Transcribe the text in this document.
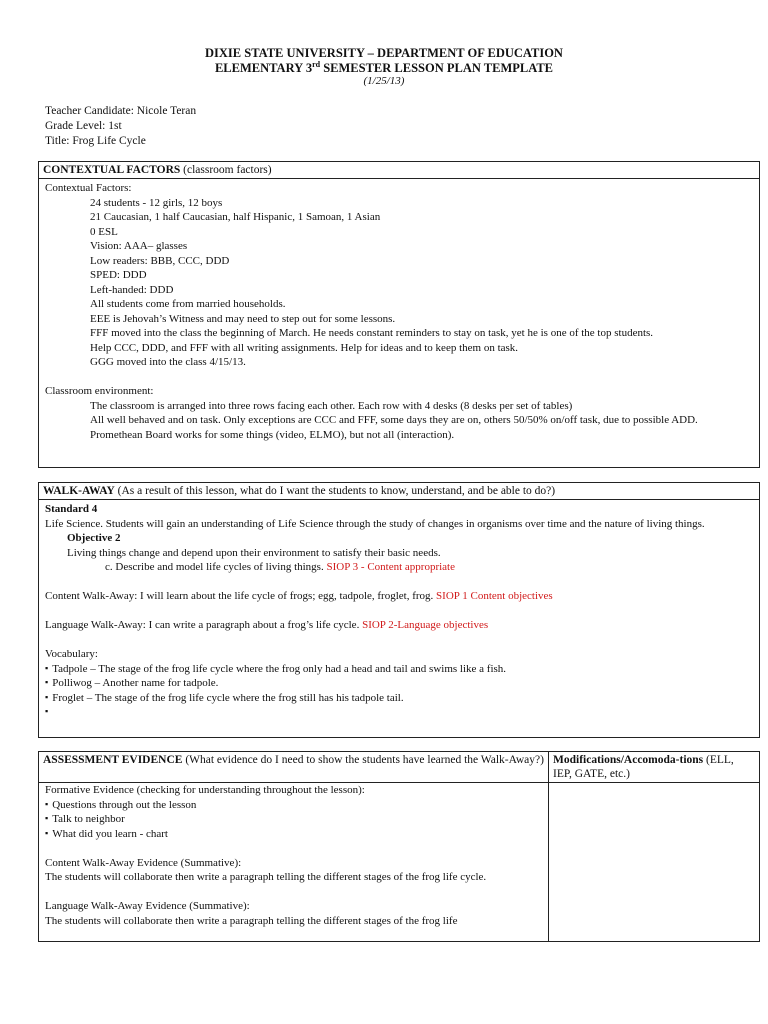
DIXIE STATE UNIVERSITY – DEPARTMENT OF EDUCATION
ELEMENTARY 3rd SEMESTER LESSON PLAN TEMPLATE
(1/25/13)
Teacher Candidate: Nicole Teran
Grade Level: 1st
Title: Frog Life Cycle
CONTEXTUAL FACTORS (classroom factors)
Contextual Factors:
24 students - 12 girls, 12 boys
21 Caucasian, 1 half Caucasian, half Hispanic, 1 Samoan, 1 Asian
0 ESL
Vision: AAA– glasses
Low readers: BBB, CCC, DDD
SPED: DDD
Left-handed: DDD
All students come from married households.
EEE is Jehovah’s Witness and may need to step out for some lessons.
FFF moved into the class the beginning of March. He needs constant reminders to stay on task, yet he is one of the top students.
Help CCC, DDD, and FFF with all writing assignments. Help for ideas and to keep them on task.
GGG moved into the class 4/15/13.
Classroom environment:
The classroom is arranged into three rows facing each other. Each row with 4 desks (8 desks per set of tables)
All well behaved and on task. Only exceptions are CCC and FFF, some days they are on, others 50/50% on/off task, due to possible ADD.
Promethean Board works for some things (video, ELMO), but not all (interaction).
WALK-AWAY (As a result of this lesson, what do I want the students to know, understand, and be able to do?)
Standard 4
Life Science. Students will gain an understanding of Life Science through the study of changes in organisms over time and the nature of living things.
Objective 2
Living things change and depend upon their environment to satisfy their basic needs.
c. Describe and model life cycles of living things. SIOP 3 - Content appropriate
Content Walk-Away: I will learn about the life cycle of frogs; egg, tadpole, froglet, frog. SIOP 1 Content objectives
Language Walk-Away: I can write a paragraph about a frog’s life cycle. SIOP 2-Language objectives
Vocabulary:
▪ Tadpole – The stage of the frog life cycle where the frog only had a head and tail and swims like a fish.
▪ Polliwog – Another name for tadpole.
▪ Froglet – The stage of the frog life cycle where the frog still has his tadpole tail.
▪
ASSESSMENT EVIDENCE (What evidence do I need to show the students have learned the Walk-Away?) Modifications/Accomoda-tions (ELL, IEP, GATE, etc.)
Formative Evidence (checking for understanding throughout the lesson):
▪ Questions through out the lesson
▪ Talk to neighbor
▪ What did you learn - chart
Content Walk-Away Evidence (Summative):
The students will collaborate then write a paragraph telling the different stages of the frog life cycle.
Language Walk-Away Evidence (Summative):
The students will collaborate then write a paragraph telling the different stages of the frog life
